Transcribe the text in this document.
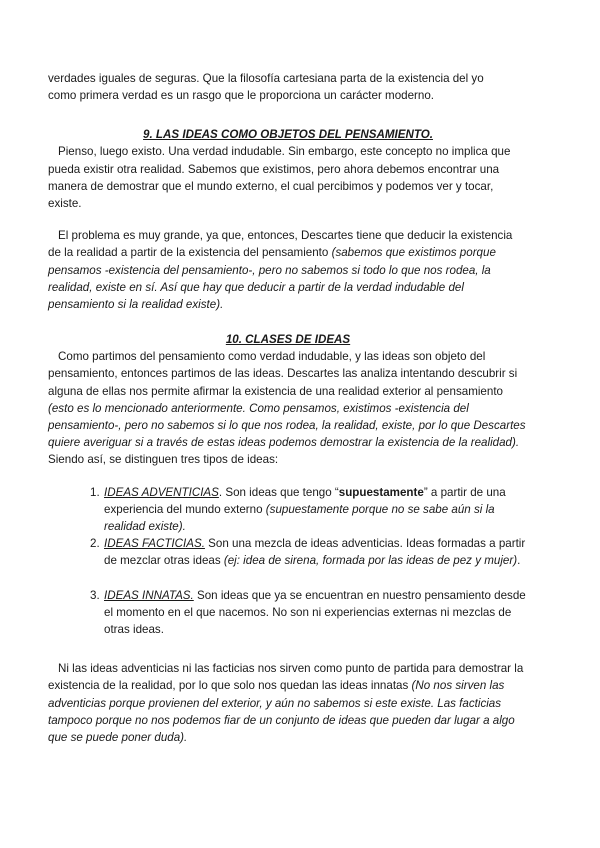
verdades iguales de seguras. Que la filosofía cartesiana parta de la existencia del yo
como primera verdad es un rasgo que le proporciona un carácter moderno.

9. LAS IDEAS COMO OBJETOS DEL PENSAMIENTO.

Pienso, luego existo. Una verdad indudable. Sin embargo, este concepto no implica que pueda existir otra realidad. Sabemos que existimos, pero ahora debemos encontrar una manera de demostrar que el mundo externo, el cual percibimos y podemos ver y tocar, existe.

El problema es muy grande, ya que, entonces, Descartes tiene que deducir la existencia de la realidad a partir de la existencia del pensamiento (sabemos que existimos porque pensamos -existencia del pensamiento-, pero no sabemos si todo lo que nos rodea, la realidad, existe en sí. Así que hay que deducir a partir de la verdad indudable del pensamiento si la realidad existe).

10. CLASES DE IDEAS

Como partimos del pensamiento como verdad indudable, y las ideas son objeto del pensamiento, entonces partimos de las ideas. Descartes las analiza intentando descubrir si alguna de ellas nos permite afirmar la existencia de una realidad exterior al pensamiento (esto es lo mencionado anteriormente. Como pensamos, existimos -existencia del pensamiento-, pero no sabemos si lo que nos rodea, la realidad, existe, por lo que Descartes quiere averiguar si a través de estas ideas podemos demostrar la existencia de la realidad). Siendo así, se distinguen tres tipos de ideas:

1. IDEAS ADVENTICIAS. Son ideas que tengo “supuestamente” a partir de una experiencia del mundo externo (supuestamente porque no se sabe aún si la realidad existe).
2. IDEAS FACTICIAS. Son una mezcla de ideas adventicias. Ideas formadas a partir de mezclar otras ideas (ej: idea de sirena, formada por las ideas de pez y mujer).
3. IDEAS INNATAS. Son ideas que ya se encuentran en nuestro pensamiento desde el momento en el que nacemos. No son ni experiencias externas ni mezclas de otras ideas.

Ni las ideas adventicias ni las facticias nos sirven como punto de partida para demostrar la existencia de la realidad, por lo que solo nos quedan las ideas innatas (No nos sirven las adventicias porque provienen del exterior, y aún no sabemos si este existe. Las facticias tampoco porque no nos podemos fiar de un conjunto de ideas que pueden dar lugar a algo que se puede poner duda).
